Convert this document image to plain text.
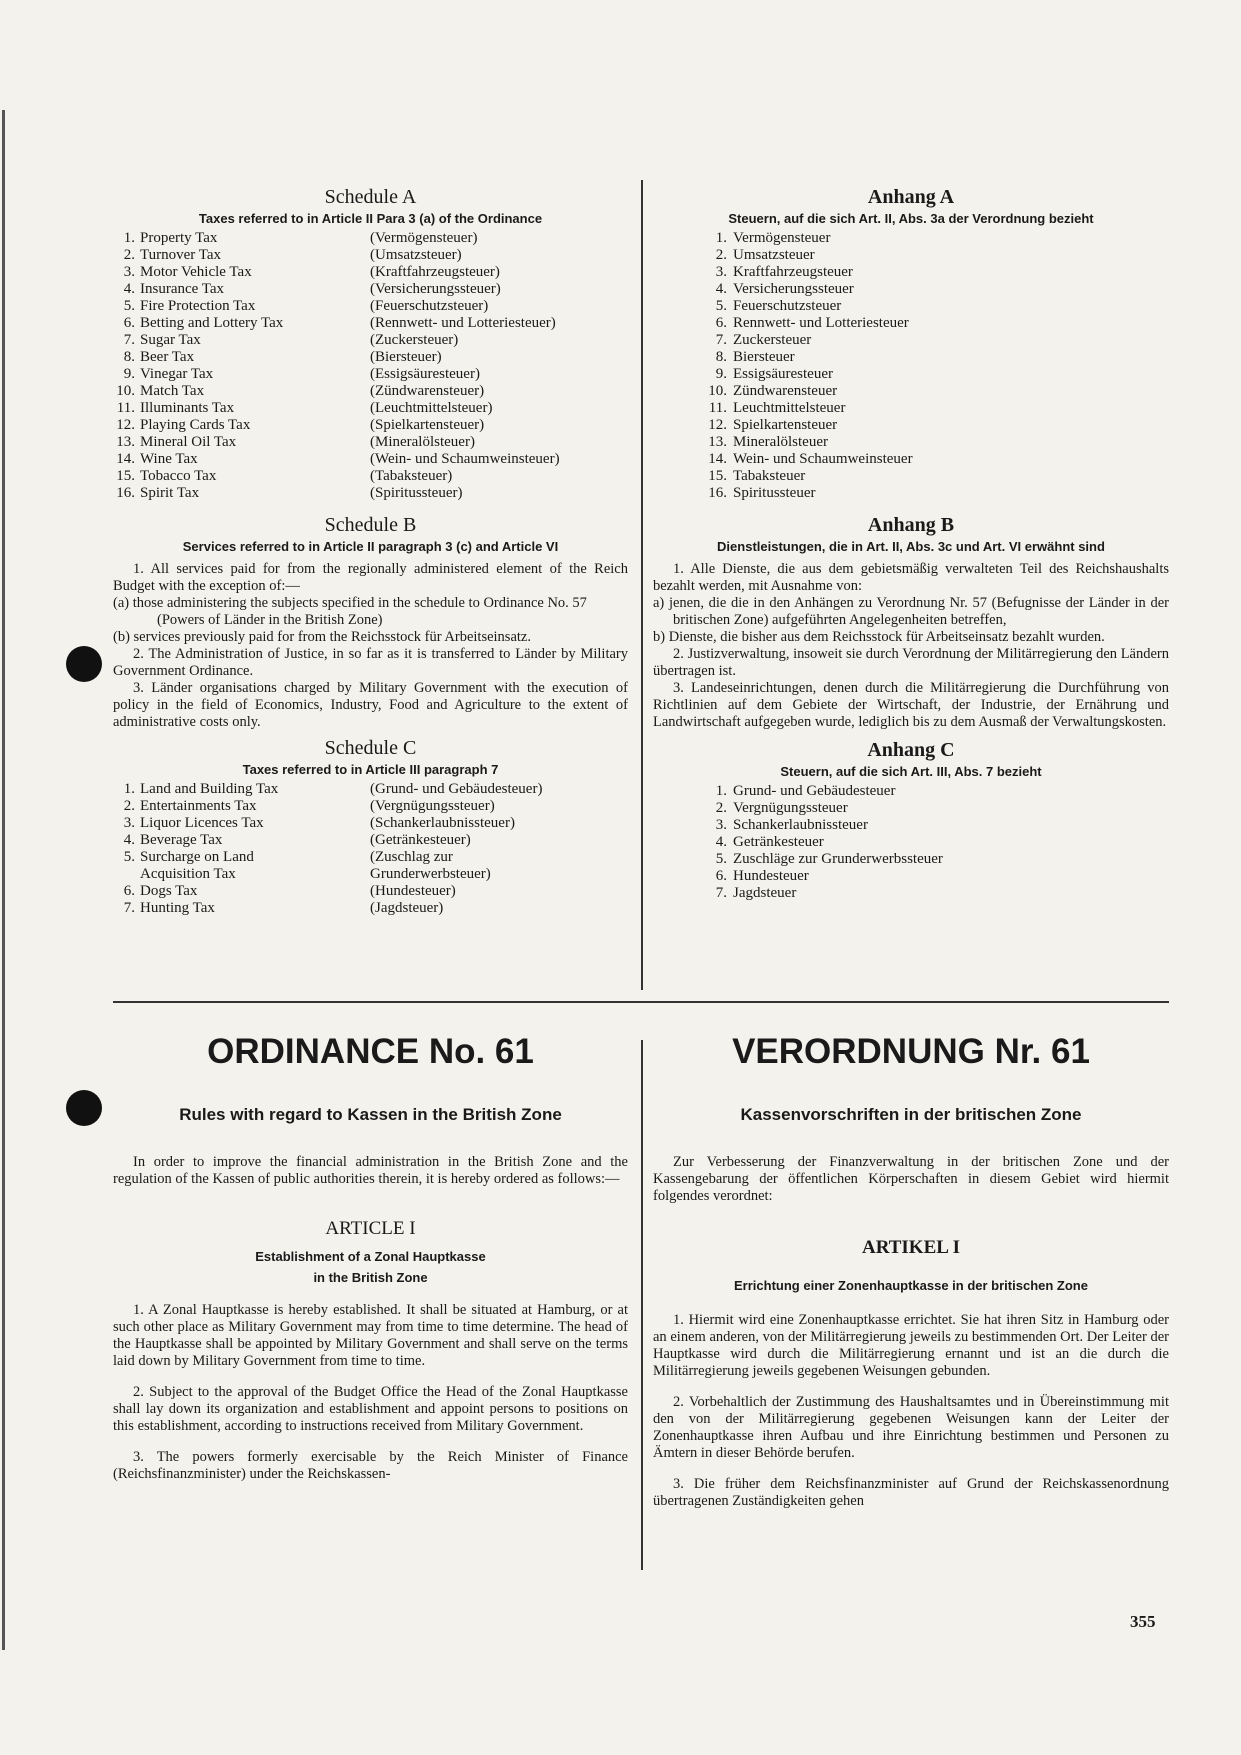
Schedule A
Taxes referred to in Article II Para 3 (a) of the Ordinance
1. Property Tax	(Vermögensteuer)
2. Turnover Tax	(Umsatzsteuer)
3. Motor Vehicle Tax	(Kraftfahrzeugsteuer)
4. Insurance Tax	(Versicherungssteuer)
5. Fire Protection Tax	(Feuerschutzsteuer)
6. Betting and Lottery Tax	(Rennwett- und Lotteriesteuer)
7. Sugar Tax	(Zuckersteuer)
8. Beer Tax	(Biersteuer)
9. Vinegar Tax	(Essigsäuresteuer)
10. Match Tax	(Zündwarensteuer)
11. Illuminants Tax	(Leuchtmittelsteuer)
12. Playing Cards Tax	(Spielkartensteuer)
13. Mineral Oil Tax	(Mineralölsteuer)
14. Wine Tax	(Wein- und Schaumweinsteuer)
15. Tobacco Tax	(Tabaksteuer)
16. Spirit Tax	(Spiritussteuer)
Schedule B
Services referred to in Article II paragraph 3 (c) and Article VI

1. All services paid for from the regionally administered element of the Reich Budget with the exception of:—

(a) those administering the subjects specified in the schedule to Ordinance No. 57

(Powers of Länder in the British Zone)

(b) services previously paid for from the Reichsstock für Arbeitseinsatz.

2. The Administration of Justice, in so far as it is transferred to Länder by Military Government Ordinance.

3. Länder organisations charged by Military Government with the execution of policy in the field of Economics, Industry, Food and Agriculture to the extent of administrative costs only.

Schedule C
Taxes referred to in Article III paragraph 7
1. Land and Building Tax	(Grund- und Gebäudesteuer)
2. Entertainments Tax	(Vergnügungssteuer)
3. Liquor Licences Tax	(Schankerlaubnissteuer)
4. Beverage Tax	(Getränkesteuer)
5. Surcharge on Land	(Zuschlag zur
Acquisition Tax	Grunderwerbsteuer)
6. Dogs Tax	(Hundesteuer)
7. Hunting Tax	(Jagdsteuer)
Anhang A
Steuern, auf die sich Art. II, Abs. 3a der Verordnung bezieht
1. Vermögensteuer
2. Umsatzsteuer
3. Kraftfahrzeugsteuer
4. Versicherungssteuer
5. Feuerschutzsteuer
6. Rennwett- und Lotteriesteuer
7. Zuckersteuer
8. Biersteuer
9. Essigsäuresteuer
10. Zündwarensteuer
11. Leuchtmittelsteuer
12. Spielkartensteuer
13. Mineralölsteuer
14. Wein- und Schaumweinsteuer
15. Tabaksteuer
16. Spiritussteuer
Anhang B
Dienstleistungen, die in Art. II, Abs. 3c und Art. VI erwähnt sind

1. Alle Dienste, die aus dem gebietsmäßig verwalteten Teil des Reichshaushalts bezahlt werden, mit Ausnahme von:

a) jenen, die die in den Anhängen zu Verordnung Nr. 57 (Befugnisse der Länder in der britischen Zone) aufgeführten Angelegenheiten betreffen,

b) Dienste, die bisher aus dem Reichsstock für Arbeitseinsatz bezahlt wurden.

2. Justizverwaltung, insoweit sie durch Verordnung der Militärregierung den Ländern übertragen ist.

3. Landeseinrichtungen, denen durch die Militärregierung die Durchführung von Richtlinien auf dem Gebiete der Wirtschaft, der Industrie, der Ernährung und Landwirtschaft aufgegeben wurde, lediglich bis zu dem Ausmaß der Verwaltungskosten.

Anhang C
Steuern, auf die sich Art. III, Abs. 7 bezieht
1. Grund- und Gebäudesteuer
2. Vergnügungssteuer
3. Schankerlaubnissteuer
4. Getränkesteuer
5. Zuschläge zur Grunderwerbssteuer
6. Hundesteuer
7. Jagdsteuer
ORDINANCE No. 61	VERORDNUNG Nr. 61
Rules with regard to Kassen in the British Zone	Kassenvorschriften in der britischen Zone

In order to improve the financial administration in the British Zone and the regulation of the Kassen of public authorities therein, it is hereby ordered as follows:—

ARTICLE I
Establishment of a Zonal Hauptkasse
in the British Zone

1. A Zonal Hauptkasse is hereby established. It shall be situated at Hamburg, or at such other place as Military Government may from time to time determine. The head of the Hauptkasse shall be appointed by Military Government and shall serve on the terms laid down by Military Government from time to time.

2. Subject to the approval of the Budget Office the Head of the Zonal Hauptkasse shall lay down its organization and establishment and appoint persons to positions on this establishment, according to instructions received from Military Government.

3. The powers formerly exercisable by the Reich Minister of Finance (Reichsfinanzminister) under the Reichskassen-

Zur Verbesserung der Finanzverwaltung in der britischen Zone und der Kassengebarung der öffentlichen Körperschaften in diesem Gebiet wird hiermit folgendes verordnet:

ARTIKEL I
Errichtung einer Zonenhauptkasse in der britischen Zone

1. Hiermit wird eine Zonenhauptkasse errichtet. Sie hat ihren Sitz in Hamburg oder an einem anderen, von der Militärregierung jeweils zu bestimmenden Ort. Der Leiter der Hauptkasse wird durch die Militärregierung ernannt und ist an die durch die Militärregierung jeweils gegebenen Weisungen gebunden.

2. Vorbehaltlich der Zustimmung des Haushaltsamtes und in Übereinstimmung mit den von der Militärregierung gegebenen Weisungen kann der Leiter der Zonenhauptkasse ihren Aufbau und ihre Einrichtung bestimmen und Personen zu Ämtern in dieser Behörde berufen.

3. Die früher dem Reichsfinanzminister auf Grund der Reichskassenordnung übertragenen Zuständigkeiten gehen

355
